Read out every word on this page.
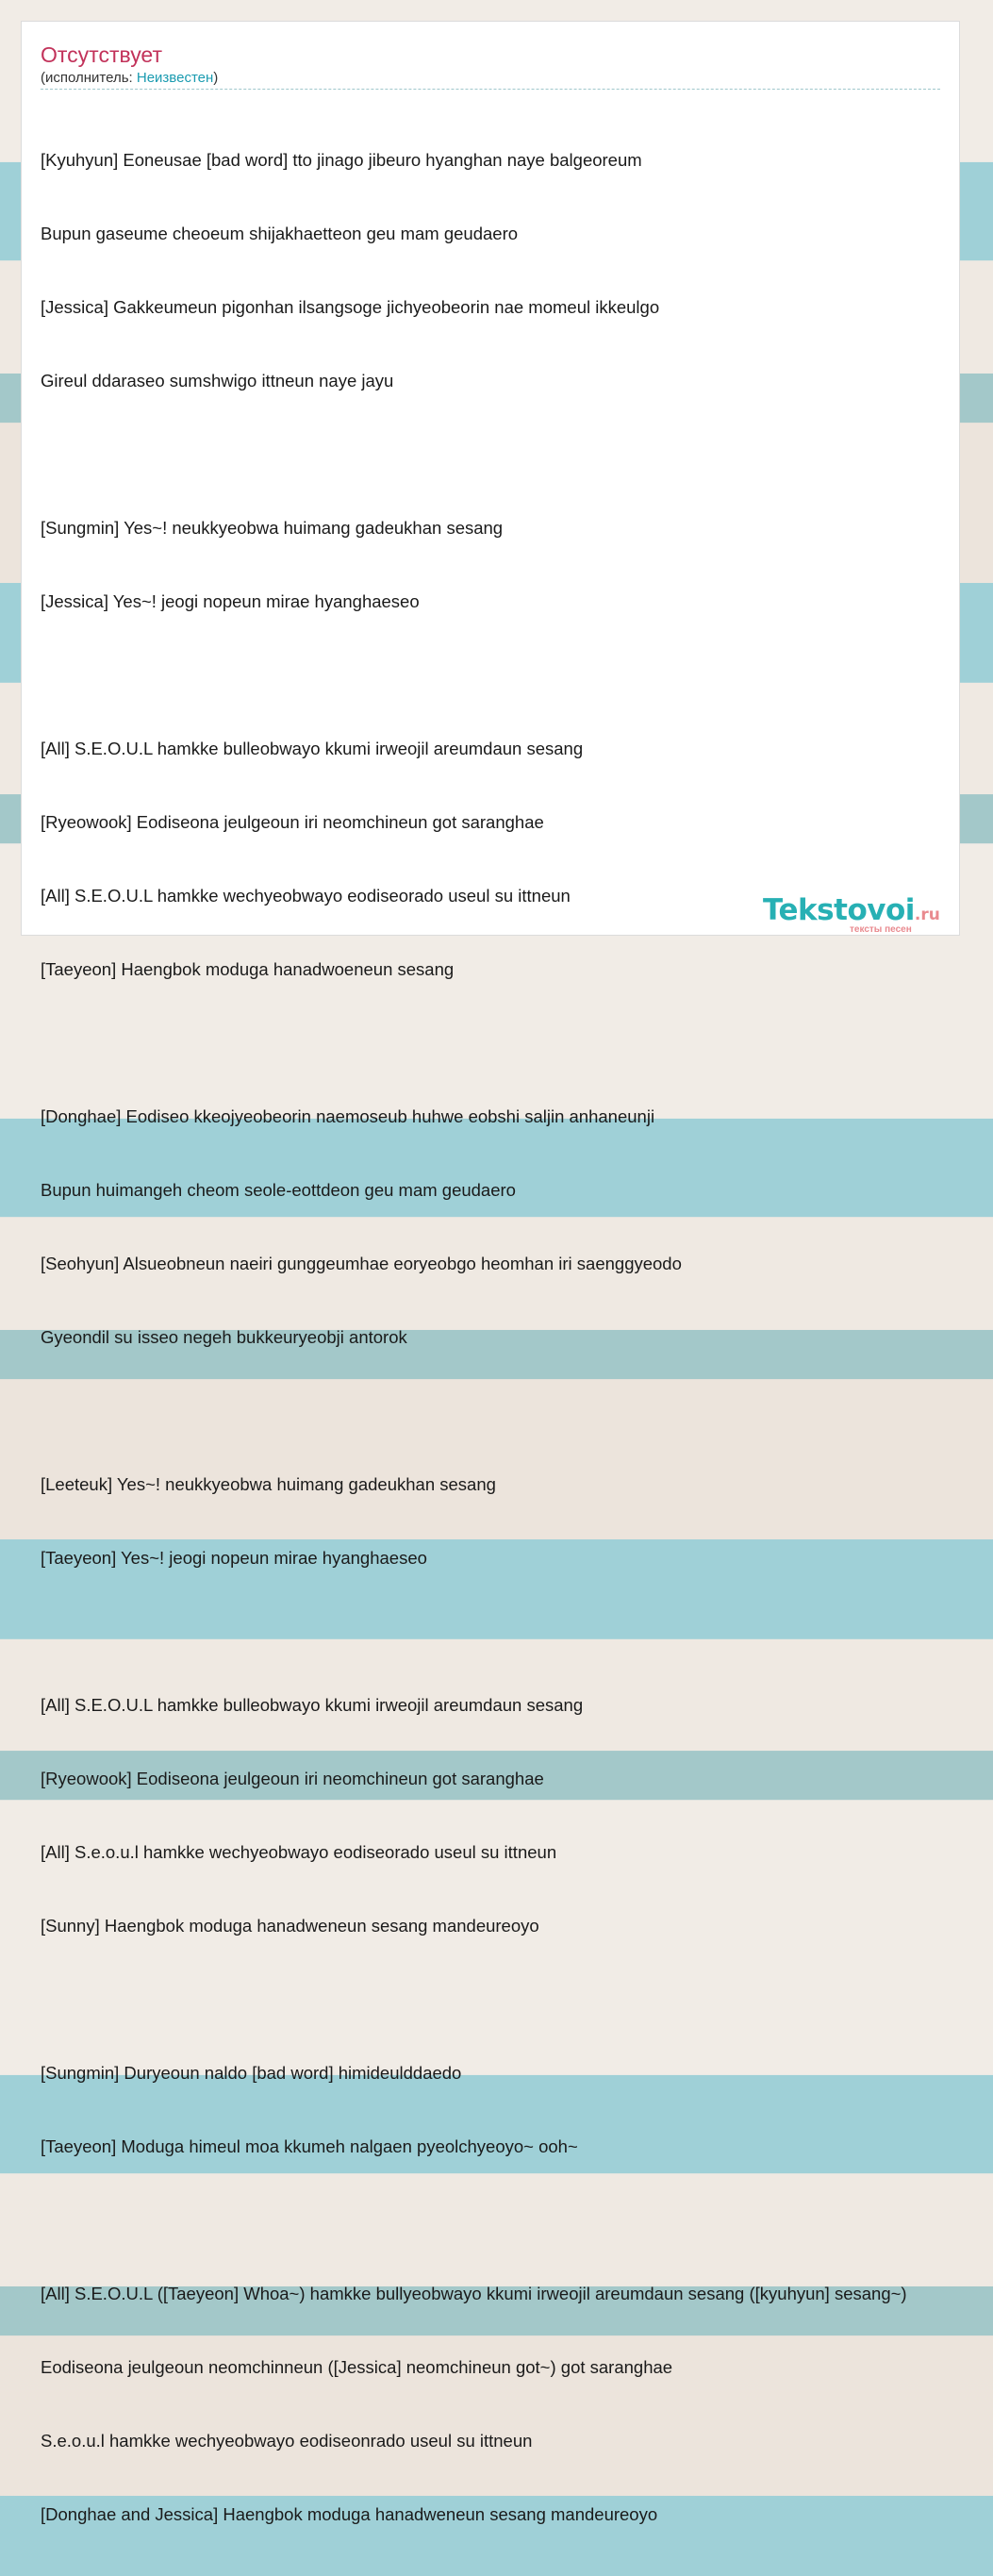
Отсутствует
(исполнитель: Неизвестен)

[Kyuhyun] Eoneusae [bad word] tto jinago jibeuro hyanghan naye balgeoreum

Bupun gaseume cheoeum shijakhaetteon geu mam geudaero

[Jessica] Gakkeumeun pigonhan ilsangsoge jichyeobeorin nae momeul ikkeulgo

Gireul ddaraseo sumshwigo ittneun naye jayu

[Sungmin] Yes~! neukkyeobwa huimang gadeukhan sesang

[Jessica] Yes~! jeogi nopeun mirae hyanghaeseo

[All] S.E.O.U.L hamkke bulleobwayo kkumi irweojil areumdaun sesang

[Ryeowook] Eodiseona jeulgeoun iri neomchineun got saranghae

[All] S.E.O.U.L hamkke wechyeobwayo eodiseorado useul su ittneun

[Taeyeon] Haengbok moduga hanadwoeneun sesang

[Donghae] Eodiseo kkeojyeobeorin naemoseub huhwe eobshi saljin anhaneunji

Bupun huimangeh cheom seole-eottdeon geu mam geudaero

[Seohyun] Alsueobneun naeiri gunggeumhae eoryeobgo heomhan iri saenggyeodo

Gyeondil su isseo negeh bukkeuryeobji antorok

[Leeteuk] Yes~! neukkyeobwa huimang gadeukhan sesang

[Taeyeon] Yes~! jeogi nopeun mirae hyanghaeseo

[All] S.E.O.U.L hamkke bulleobwayo kkumi irweojil areumdaun sesang

[Ryeowook] Eodiseona jeulgeoun iri neomchineun got saranghae

[All] S.e.o.u.l hamkke wechyeobwayo eodiseorado useul su ittneun

[Sunny] Haengbok moduga hanadweneun sesang mandeureoyo

[Sungmin] Duryeoun naldo [bad word] himideulddaedo

[Taeyeon] Moduga himeul moa kkumeh nalgaen pyeolchyeoyo~ ooh~

[All] S.E.O.U.L ([Taeyeon] Whoa~) hamkke bullyeobwayo kkumi irweojil areumdaun sesang ([kyuhyun] sesang~)

Eodiseona jeulgeoun neomchinneun ([Jessica] neomchineun got~) got saranghae

S.e.o.u.l hamkke wechyeobwayo eodiseonrado useul su ittneun

[Donghae and Jessica] Haengbok moduga hanadweneun sesang mandeureoyo

Tekstovoi.ru
тексты песен
